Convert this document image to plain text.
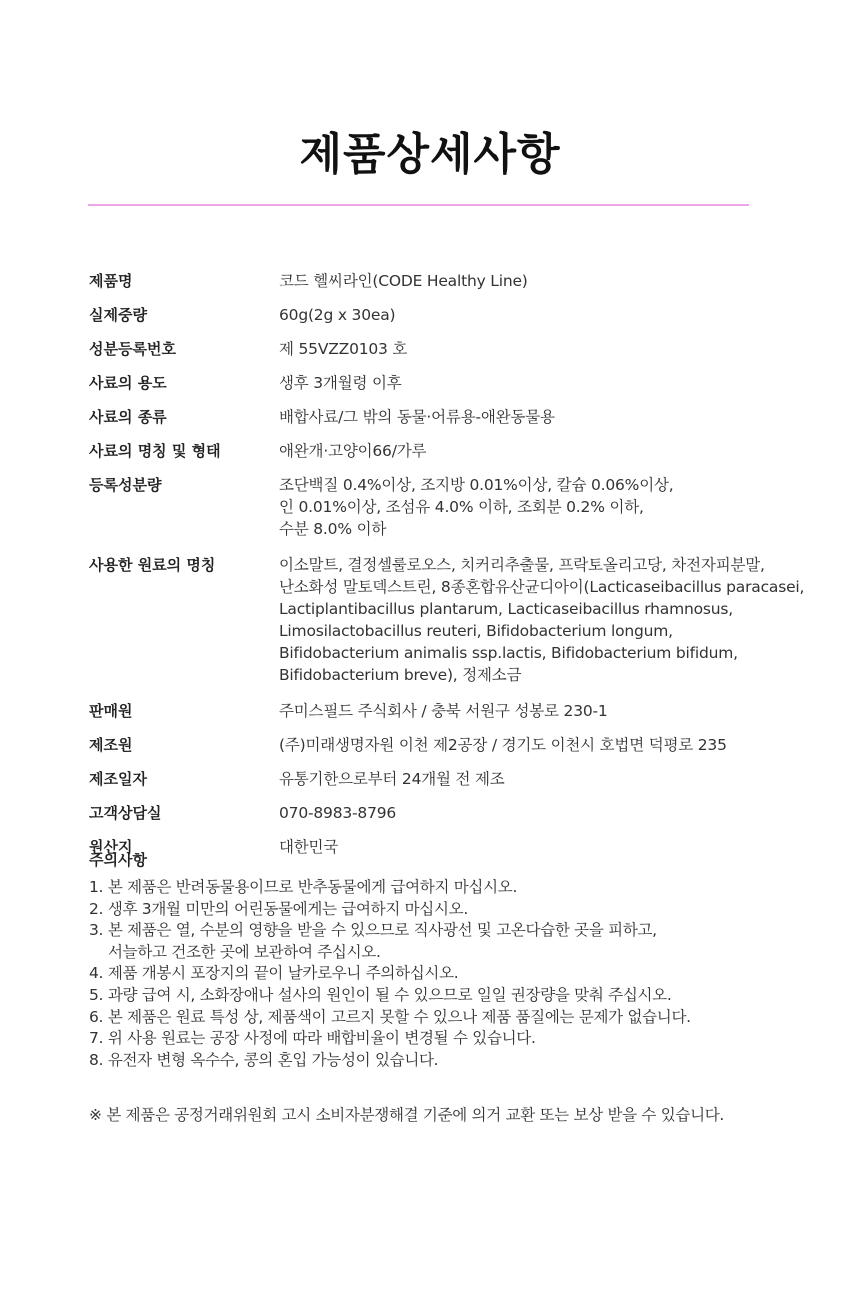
제품상세사항
제품명	코드 헬씨라인(CODE Healthy Line)
실제중량	60g(2g x 30ea)
성분등록번호	제 55VZZ0103 호
사료의 용도	생후 3개월령 이후
사료의 종류	배합사료/그 밖의 동물·어류용-애완동물용
사료의 명칭 및 형태	애완개·고양이66/가루
등록성분량	조단백질 0.4%이상, 조지방 0.01%이상, 칼슘 0.06%이상,
인 0.01%이상, 조섬유 4.0% 이하, 조회분 0.2% 이하,
수분 8.0% 이하
사용한 원료의 명칭	이소말트, 결정셀룰로오스, 치커리추출물, 프락토올리고당, 차전자피분말,
난소화성 말토덱스트린, 8종혼합유산균디아이(Lacticaseibacillus paracasei,
Lactiplantibacillus plantarum, Lacticaseibacillus rhamnosus,
Limosilactobacillus reuteri, Bifidobacterium longum,
Bifidobacterium animalis ssp.lactis, Bifidobacterium bifidum,
Bifidobacterium breve), 정제소금
판매원	주미스필드 주식회사 / 충북 서원구 성봉로 230-1
제조원	(주)미래생명자원 이천 제2공장 / 경기도 이천시 호법면 덕평로 235
제조일자	유통기한으로부터 24개월 전 제조
고객상담실	070-8983-8796
원산지	대한민국
주의사항
1. 본 제품은 반려동물용이므로 반추동물에게 급여하지 마십시오.
2. 생후 3개월 미만의 어린동물에게는 급여하지 마십시오.
3. 본 제품은 열, 수분의 영향을 받을 수 있으므로 직사광선 및 고온다습한 곳을 피하고,
서늘하고 건조한 곳에 보관하여 주십시오.
4. 제품 개봉시 포장지의 끝이 날카로우니 주의하십시오.
5. 과량 급여 시, 소화장애나 설사의 원인이 될 수 있으므로 일일 권장량을 맞춰 주십시오.
6. 본 제품은 원료 특성 상, 제품색이 고르지 못할 수 있으나 제품 품질에는 문제가 없습니다.
7. 위 사용 원료는 공장 사정에 따라 배합비율이 변경될 수 있습니다.
8. 유전자 변형 옥수수, 콩의 혼입 가능성이 있습니다.
※ 본 제품은 공정거래위원회 고시 소비자분쟁해결 기준에 의거 교환 또는 보상 받을 수 있습니다.
